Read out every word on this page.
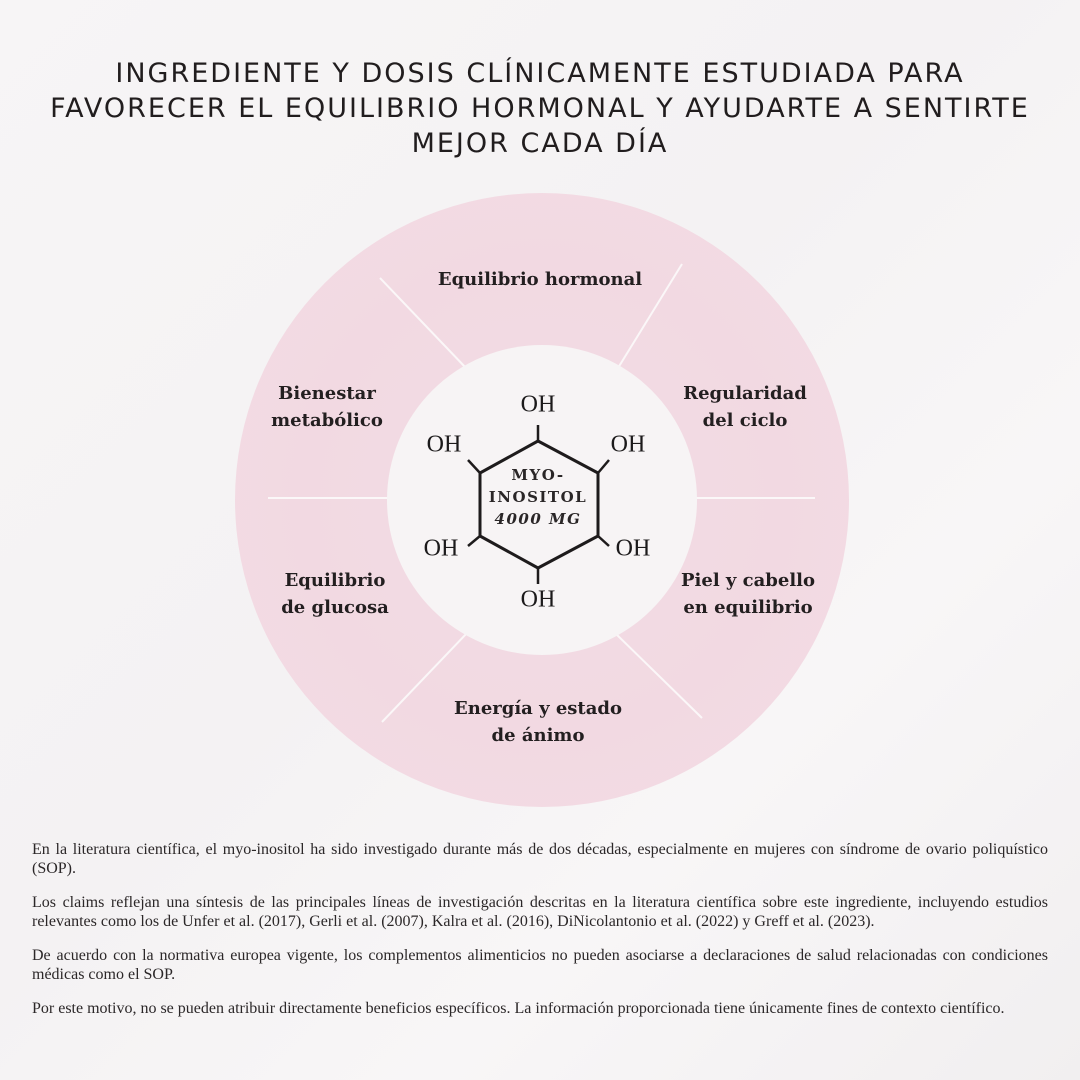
INGREDIENTE Y DOSIS CLÍNICAMENTE ESTUDIADA PARA
FAVORECER EL EQUILIBRIO HORMONAL Y AYUDARTE A SENTIRTE
MEJOR CADA DÍA
OH
OH
OH
OH
OH
OH
MYO-
INOSITOL
4000 MG
Equilibrio hormonal
Regularidad
del ciclo
Piel y cabello
en equilibrio
Energía y estado
de ánimo
Equilibrio
de glucosa
Bienestar
metabólico

En la literatura científica, el myo-inositol ha sido investigado durante más de dos décadas, especialmente en mujeres con síndrome de ovario poliquístico (SOP).

Los claims reflejan una síntesis de las principales líneas de investigación descritas en la literatura científica sobre este ingrediente, incluyendo estudios relevantes como los de Unfer et al. (2017), Gerli et al. (2007), Kalra et al. (2016), DiNicolantonio et al. (2022) y Greff et al. (2023).

De acuerdo con la normativa europea vigente, los complementos alimenticios no pueden asociarse a declaraciones de salud relacionadas con condiciones médicas como el SOP.

Por este motivo, no se pueden atribuir directamente beneficios específicos. La información proporcionada tiene únicamente fines de contexto científico.
